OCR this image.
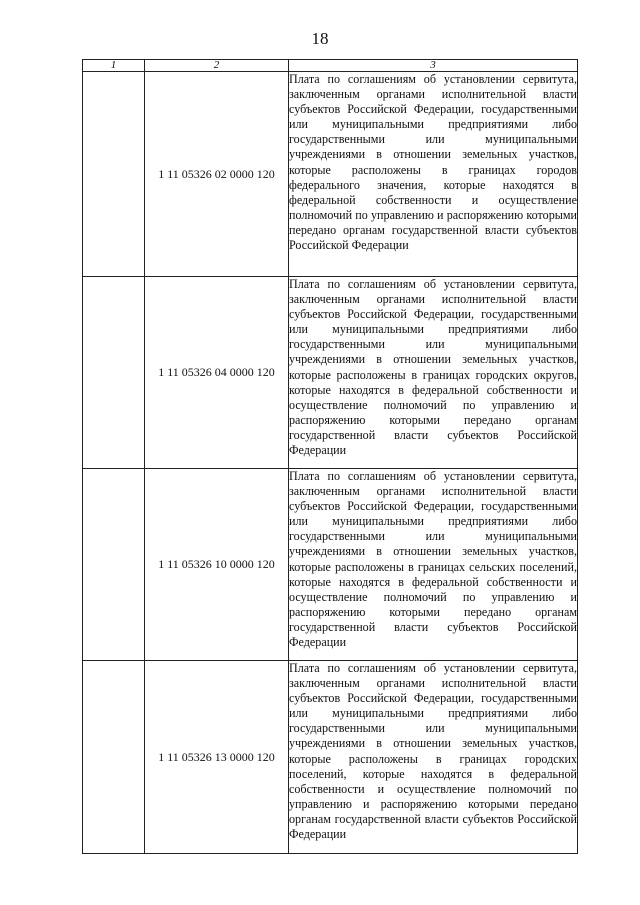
18
1	2	3
	1 11 05326 02 0000 120	Плата по соглашениям об установлении сервитута, заключенным органами исполнительной власти субъектов Российской Федерации, государственными или муниципальными предприятиями либо государственными или муниципальными учреждениями в отношении земельных участков, которые расположены в границах городов федерального значения, которые находятся в федеральной собственности и осуществление полномочий по управлению и распоряжению которыми передано органам государственной власти субъектов Российской Федерации
	1 11 05326 04 0000 120	Плата по соглашениям об установлении сервитута, заключенным органами исполнительной власти субъектов Российской Федерации, государственными или муниципальными предприятиями либо государственными или муниципальными учреждениями в отношении земельных участков, которые расположены в границах городских округов, которые находятся в федеральной собственности и осуществление полномочий по управлению и распоряжению которыми передано органам государственной власти субъектов Российской Федерации
	1 11 05326 10 0000 120	Плата по соглашениям об установлении сервитута, заключенным органами исполнительной власти субъектов Российской Федерации, государственными или муниципальными предприятиями либо государственными или муниципальными учреждениями в отношении земельных участков, которые расположены в границах сельских поселений, которые находятся в федеральной собственности и осуществление полномочий по управлению и распоряжению которыми передано органам государственной власти субъектов Российской Федерации
	1 11 05326 13 0000 120	Плата по соглашениям об установлении сервитута, заключенным органами исполнительной власти субъектов Российской Федерации, государственными или муниципальными предприятиями либо государственными или муниципальными учреждениями в отношении земельных участков, которые расположены в границах городских поселений, которые находятся в федеральной собственности и осуществление полномочий по управлению и распоряжению которыми передано органам государственной власти субъектов Российской Федерации
